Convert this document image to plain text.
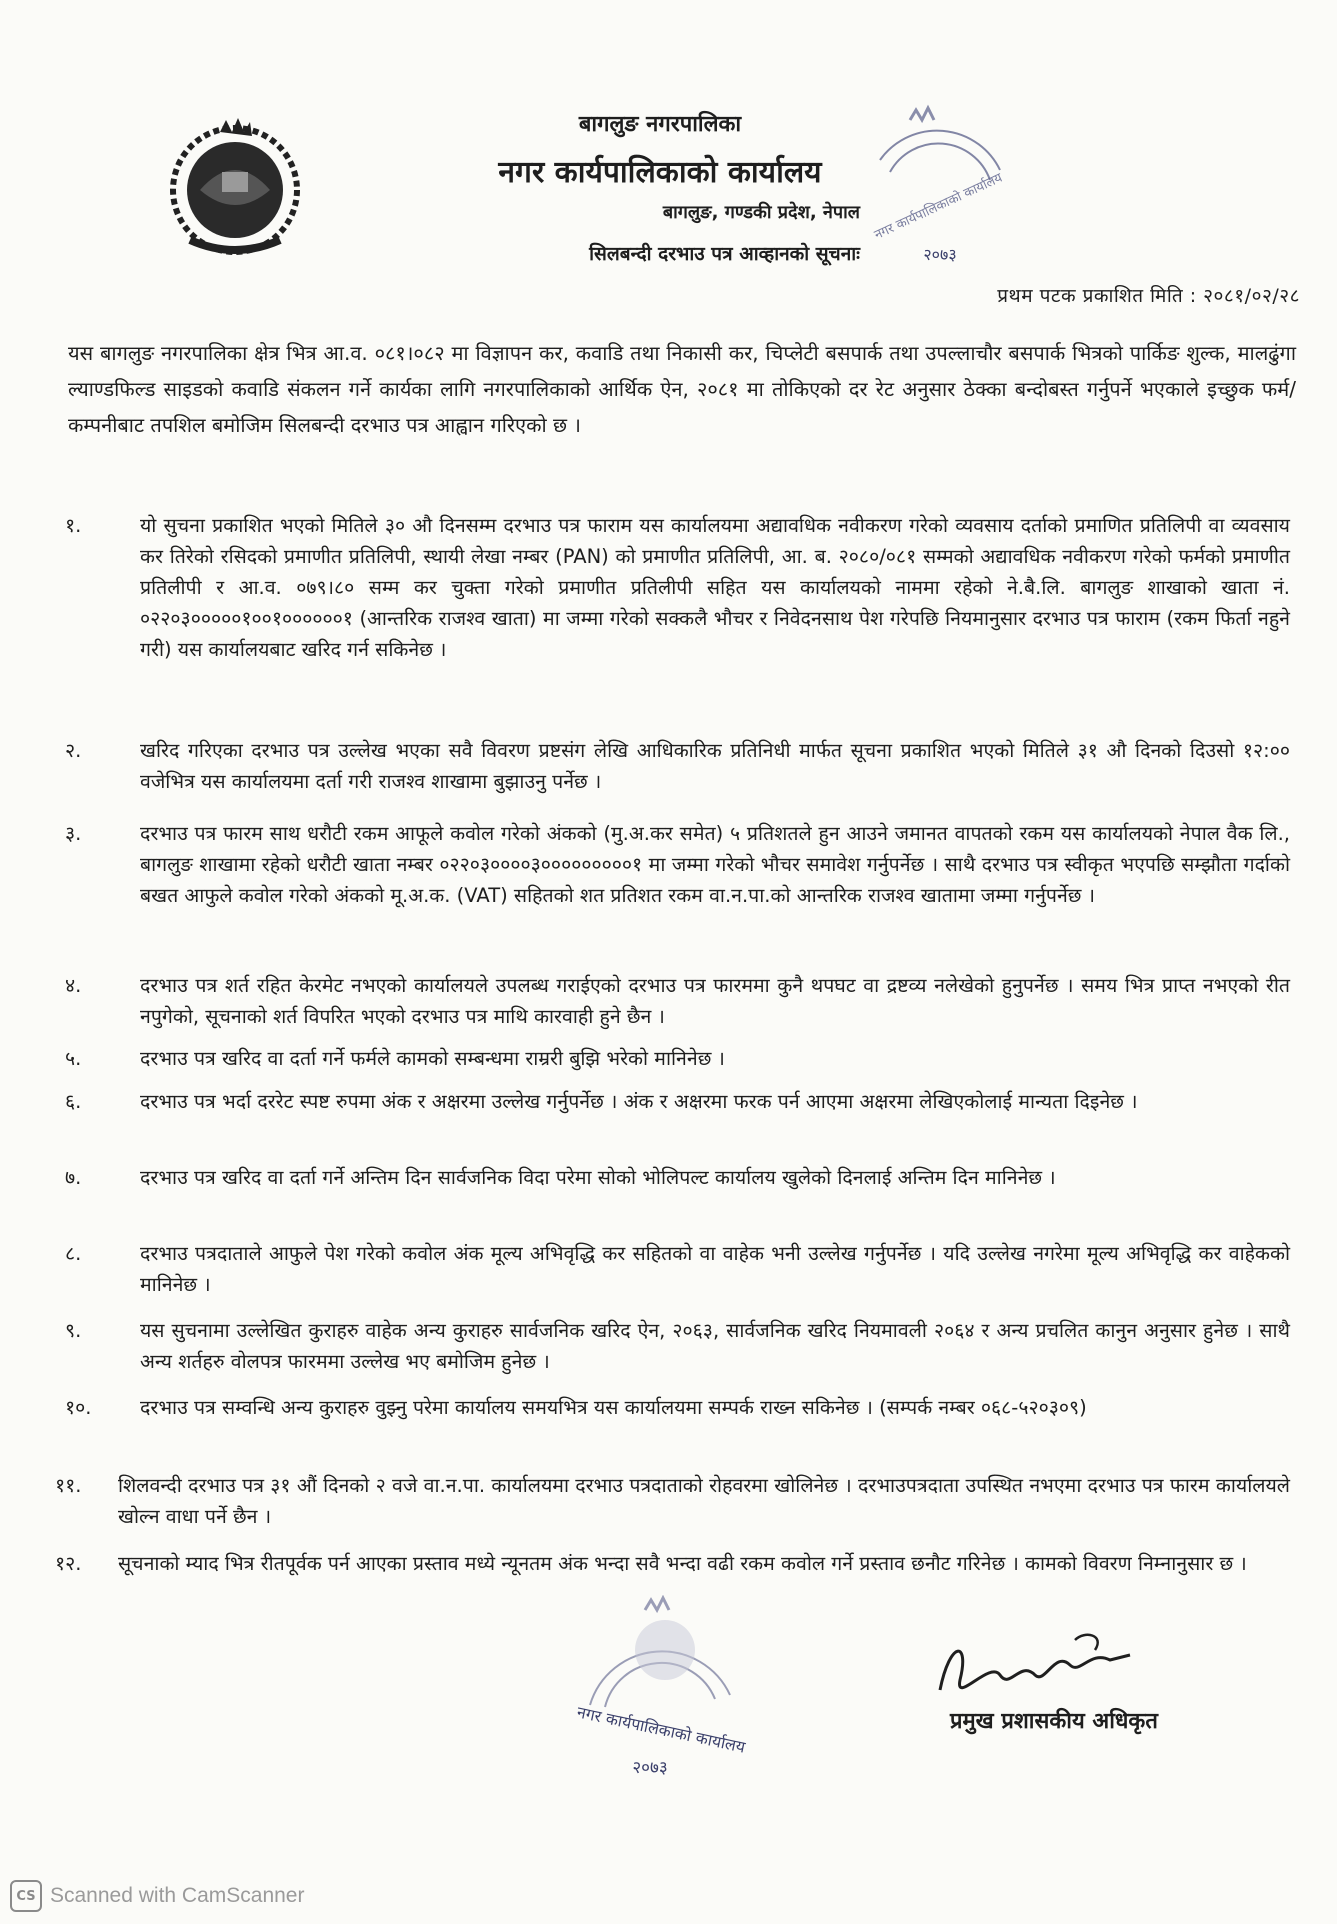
बागलुङ नगरपालिका
नगर कार्यपालिकाको कार्यालय
बागलुङ, गण्डकी प्रदेश, नेपाल
सिलबन्दी दरभाउ पत्र आव्हानको सूचनाः
नगर कार्यपालिकाको कार्यालय
२०७३
प्रथम पटक प्रकाशित मिति : २०८१/०२/२८
यस बागलुङ नगरपालिका क्षेत्र भित्र आ.व. ०८१।०८२ मा विज्ञापन कर, कवाडि तथा निकासी कर, चिप्लेटी बसपार्क तथा उपल्लाचौर बसपार्क भित्रको पार्किङ शुल्क, मालढुंगा ल्याण्डफिल्ड साइडको कवाडि संकलन गर्ने कार्यका लागि नगरपालिकाको आर्थिक ऐन, २०८१ मा तोकिएको दर रेट अनुसार ठेक्का बन्दोबस्त गर्नुपर्ने भएकाले इच्छुक फर्म/ कम्पनीबाट तपशिल बमोजिम सिलबन्दी दरभाउ पत्र आह्वान गरिएको छ ।
१.	यो सुचना प्रकाशित भएको मितिले ३० औ दिनसम्म दरभाउ पत्र फाराम यस कार्यालयमा अद्यावधिक नवीकरण गरेको व्यवसाय दर्ताको प्रमाणित प्रतिलिपी वा व्यवसाय कर तिरेको रसिदको प्रमाणीत प्रतिलिपी, स्थायी लेखा नम्बर (PAN) को प्रमाणीत प्रतिलिपी, आ. ब. २०८०/०८१ सम्मको अद्यावधिक नवीकरण गरेको फर्मको प्रमाणीत प्रतिलीपी र आ.व. ०७९।८० सम्म कर चुक्ता गरेको प्रमाणीत प्रतिलीपी सहित यस कार्यालयको नाममा रहेको ने.बै.लि. बागलुङ शाखाको खाता नं. ०२२०३०००००१००१००००००१ (आन्तरिक राजश्व खाता) मा जम्मा गरेको सक्कलै भौचर र निवेदनसाथ पेश गरेपछि नियमानुसार दरभाउ पत्र फाराम (रकम फिर्ता नहुने गरी) यस कार्यालयबाट खरिद गर्न सकिनेछ ।
२.	खरिद गरिएका दरभाउ पत्र उल्लेख भएका सवै विवरण प्रष्टसंग लेखि आधिकारिक प्रतिनिधी मार्फत सूचना प्रकाशित भएको मितिले ३१ औ दिनको दिउसो १२:०० वजेभित्र यस कार्यालयमा दर्ता गरी राजश्व शाखामा बुझाउनु पर्नेछ ।
३.	दरभाउ पत्र फारम साथ धरौटी रकम आफूले कवोल गरेको अंकको (मु.अ.कर समेत) ५ प्रतिशतले हुन आउने जमानत वापतको रकम यस कार्यालयको नेपाल वैक लि., बागलुङ शाखामा रहेको धरौटी खाता नम्बर ०२२०३००००३०००००००००१ मा जम्मा गरेको भौचर समावेश गर्नुपर्नेछ । साथै दरभाउ पत्र स्वीकृत भएपछि सम्झौता गर्दाको बखत आफुले कवोल गरेको अंकको मू.अ.क. (VAT) सहितको शत प्रतिशत रकम वा.न.पा.को आन्तरिक राजश्व खातामा जम्मा गर्नुपर्नेछ ।
४.	दरभाउ पत्र शर्त रहित केरमेट नभएको कार्यालयले उपलब्ध गराईएको दरभाउ पत्र फारममा कुनै थपघट वा द्रष्टव्य नलेखेको हुनुपर्नेछ । समय भित्र प्राप्त नभएको रीत नपुगेको, सूचनाको शर्त विपरित भएको दरभाउ पत्र माथि कारवाही हुने छैन ।
५.	दरभाउ पत्र खरिद वा दर्ता गर्ने फर्मले कामको सम्बन्धमा राम्ररी बुझि भरेको मानिनेछ ।
६.	दरभाउ पत्र भर्दा दररेट स्पष्ट रुपमा अंक र अक्षरमा उल्लेख गर्नुपर्नेछ । अंक र अक्षरमा फरक पर्न आएमा अक्षरमा लेखिएकोलाई मान्यता दिइनेछ ।
७.	दरभाउ पत्र खरिद वा दर्ता गर्ने अन्तिम दिन सार्वजनिक विदा परेमा सोको भोलिपल्ट कार्यालय खुलेको दिनलाई अन्तिम दिन मानिनेछ ।
८.	दरभाउ पत्रदाताले आफुले पेश गरेको कवोल अंक मूल्य अभिवृद्धि कर सहितको वा वाहेक भनी उल्लेख गर्नुपर्नेछ । यदि उल्लेख नगरेमा मूल्य अभिवृद्धि कर वाहेकको मानिनेछ ।
९.	यस सुचनामा उल्लेखित कुराहरु वाहेक अन्य कुराहरु सार्वजनिक खरिद ऐन, २०६३, सार्वजनिक खरिद नियमावली २०६४ र अन्य प्रचलित कानुन अनुसार हुनेछ । साथै अन्य शर्तहरु वोलपत्र फारममा उल्लेख भए बमोजिम हुनेछ ।
१०.	दरभाउ पत्र सम्वन्धि अन्य कुराहरु वुझ्नु परेमा कार्यालय समयभित्र यस कार्यालयमा सम्पर्क राख्न सकिनेछ । (सम्पर्क नम्बर ०६८-५२०३०९)
११.	शिलवन्दी दरभाउ पत्र ३१ औं दिनको २ वजे वा.न.पा. कार्यालयमा दरभाउ पत्रदाताको रोहवरमा खोलिनेछ । दरभाउपत्रदाता उपस्थित नभएमा दरभाउ पत्र फारम कार्यालयले खोल्न वाधा पर्ने छैन ।
१२.	सूचनाको म्याद भित्र रीतपूर्वक पर्न आएका प्रस्ताव मध्ये न्यूनतम अंक भन्दा सवै भन्दा वढी रकम कवोल गर्ने प्रस्ताव छनौट गरिनेछ । कामको विवरण निम्नानुसार छ ।
नगर कार्यपालिकाको कार्यालय
२०७३
प्रमुख प्रशासकीय अधिकृत
CS Scanned with CamScanner
